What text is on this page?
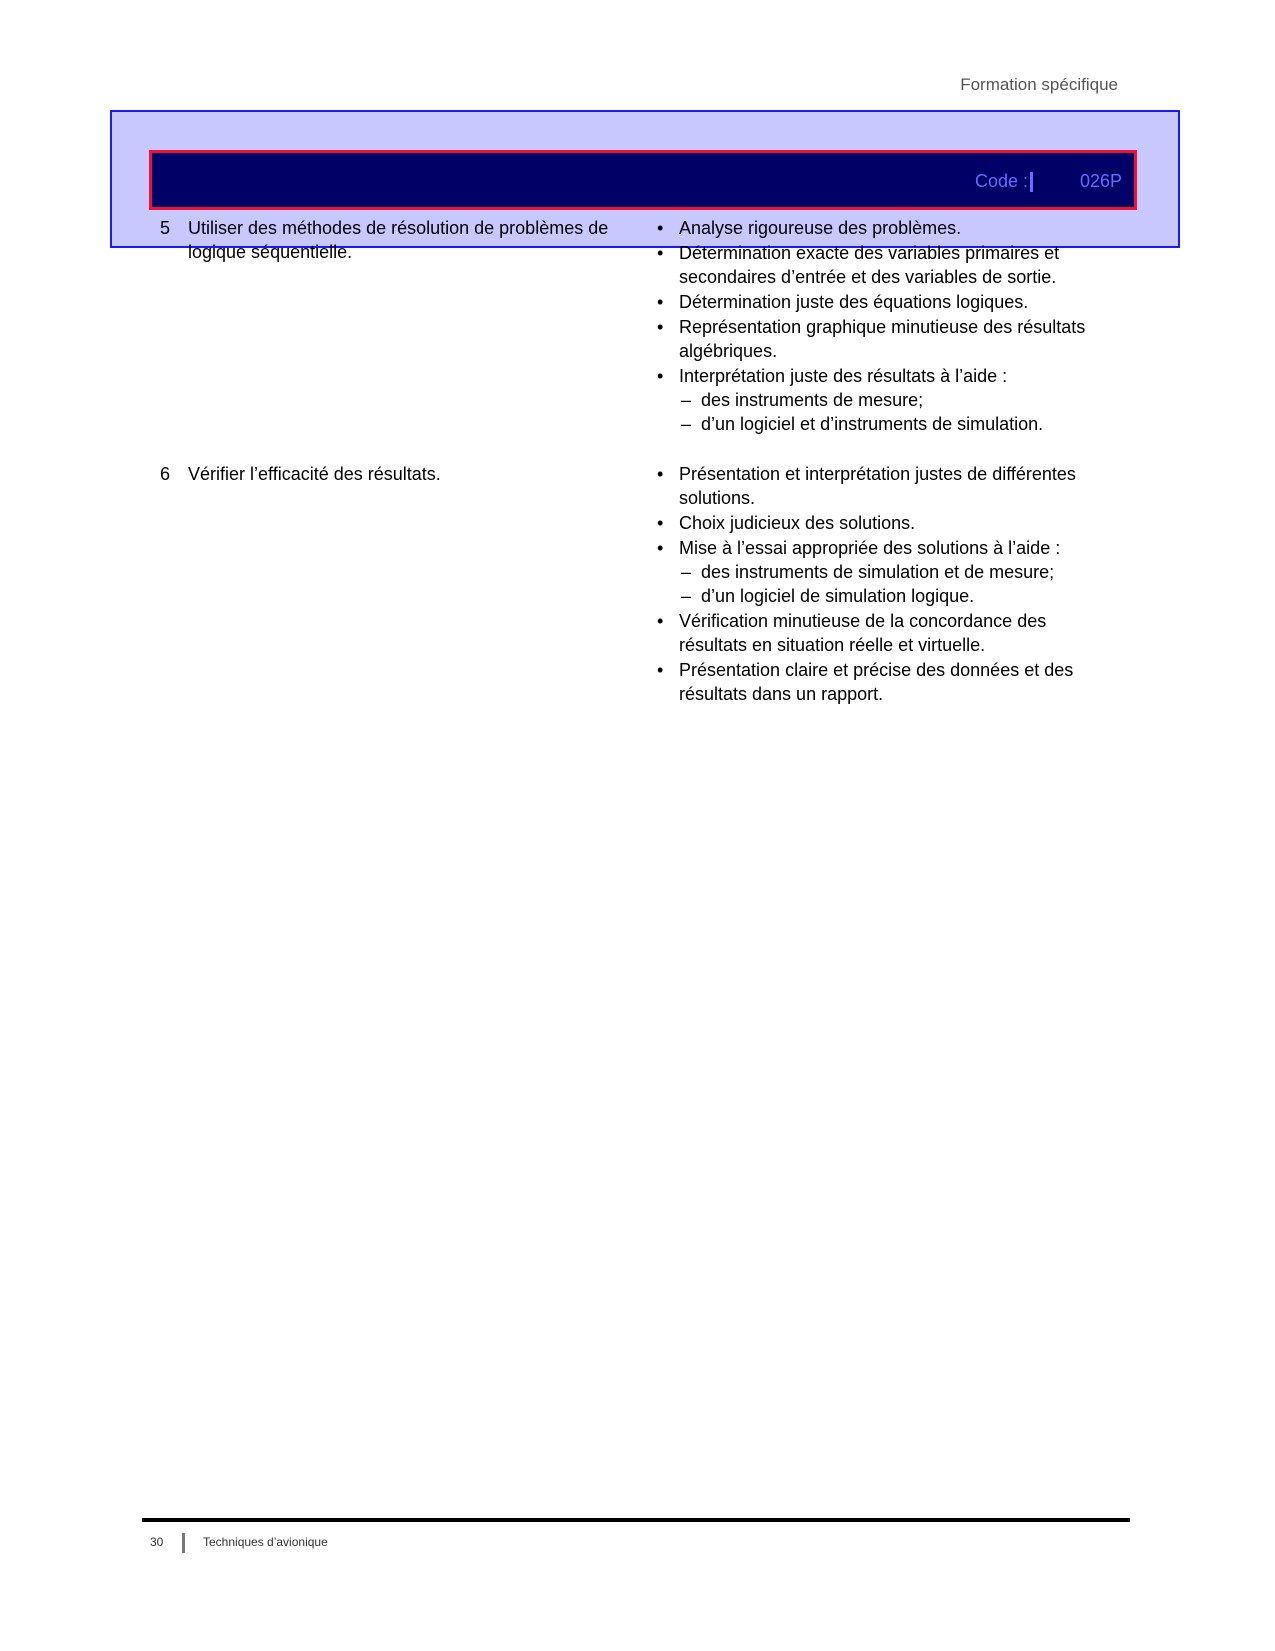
Formation spécifique
Code :	026P
5 Utiliser des méthodes de résolution de problèmes de logique séquentielle.
• Analyse rigoureuse des problèmes.
• Détermination exacte des variables primaires et secondaires d’entrée et des variables de sortie.
• Détermination juste des équations logiques.
• Représentation graphique minutieuse des résultats algébriques.
• Interprétation juste des résultats à l’aide :
– des instruments de mesure;
– d’un logiciel et d’instruments de simulation.
6 Vérifier l’efficacité des résultats.
•	Présentation et interprétation justes de différentes solutions.
• Choix judicieux des solutions.
• Mise à l’essai appropriée des solutions à l’aide :
– des instruments de simulation et de mesure;
– d’un logiciel de simulation logique.
• Vérification minutieuse de la concordance des résultats en situation réelle et virtuelle.
• Présentation claire et précise des données et des résultats dans un rapport.
30	Techniques d’avionique
